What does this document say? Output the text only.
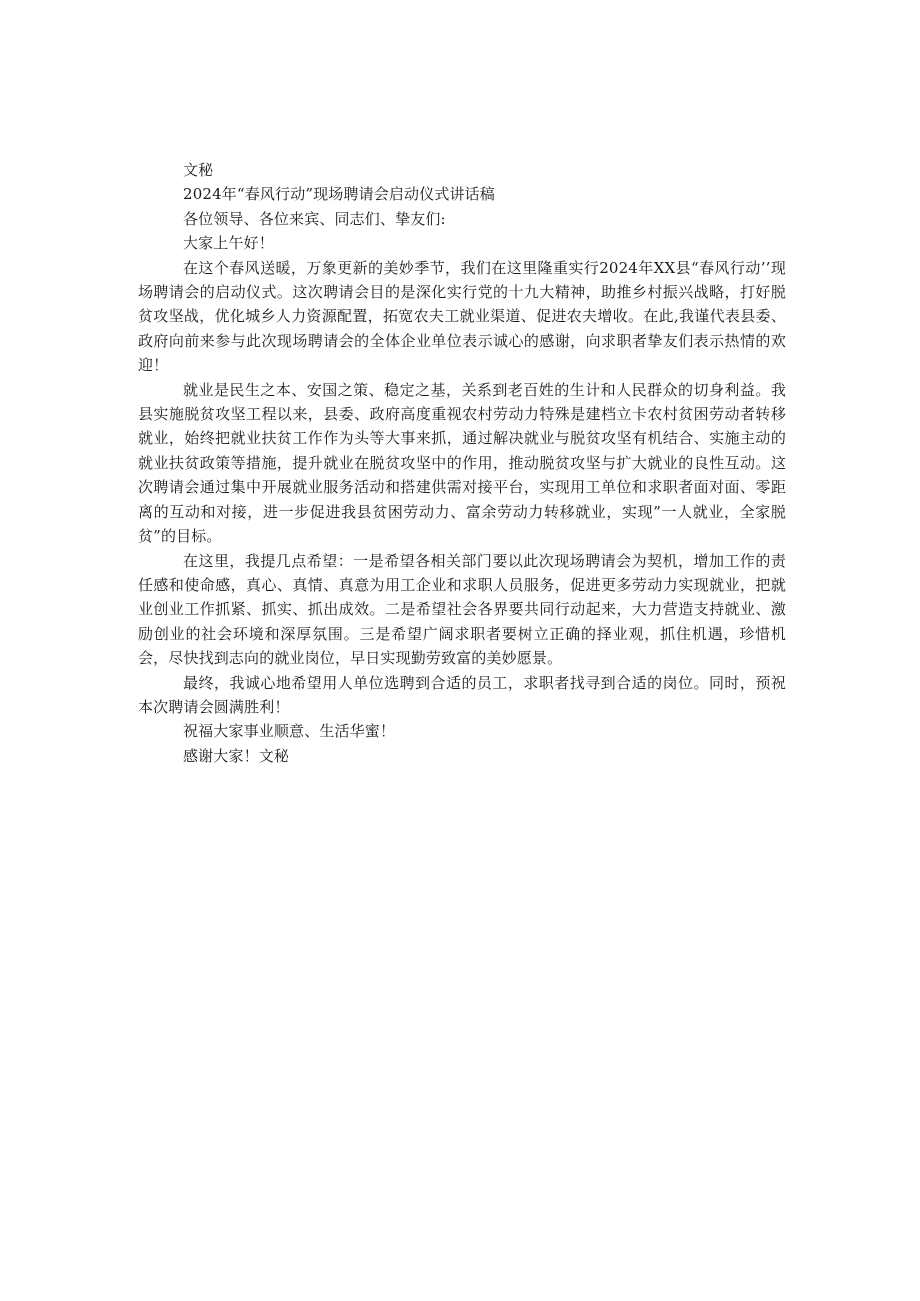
文秘

2024年“春风行动”现场聘请会启动仪式讲话稿

各位领导、各位来宾、同志们、挚友们:

大家上午好！

在这个春风送暖，万象更新的美妙季节，我们在这里隆重实行2024年XX县“春风行动’’现场聘请会的启动仪式。这次聘请会目的是深化实行党的十九大精神，助推乡村振兴战略，打好脱贫攻坚战，优化城乡人力资源配置，拓宽农夫工就业渠道、促进农夫增收。在此,我谨代表县委、政府向前来参与此次现场聘请会的全体企业单位表示诚心的感谢，向求职者挚友们表示热情的欢迎！

就业是民生之本、安国之策、稳定之基，关系到老百姓的生计和人民群众的切身利益。我县实施脱贫攻坚工程以来，县委、政府高度重视农村劳动力特殊是建档立卡农村贫困劳动者转移就业，始终把就业扶贫工作作为头等大事来抓，通过解决就业与脱贫攻坚有机结合、实施主动的就业扶贫政策等措施，提升就业在脱贫攻坚中的作用，推动脱贫攻坚与扩大就业的良性互动。这次聘请会通过集中开展就业服务活动和搭建供需对接平台，实现用工单位和求职者面对面、零距离的互动和对接，进一步促进我县贫困劳动力、富余劳动力转移就业，实现”一人就业，全家脱贫”的目标。

在这里，我提几点希望：一是希望各相关部门要以此次现场聘请会为契机，增加工作的责任感和使命感，真心、真情、真意为用工企业和求职人员服务，促进更多劳动力实现就业，把就业创业工作抓紧、抓实、抓出成效。二是希望社会各界要共同行动起来，大力营造支持就业、激励创业的社会环境和深厚氛围。三是希望广阔求职者要树立正确的择业观，抓住机遇，珍惜机会，尽快找到志向的就业岗位，早日实现勤劳致富的美妙愿景。

最终，我诚心地希望用人单位选聘到合适的员工，求职者找寻到合适的岗位。同时，预祝本次聘请会圆满胜利！

祝福大家事业顺意、生活华蜜！

感谢大家！文秘
